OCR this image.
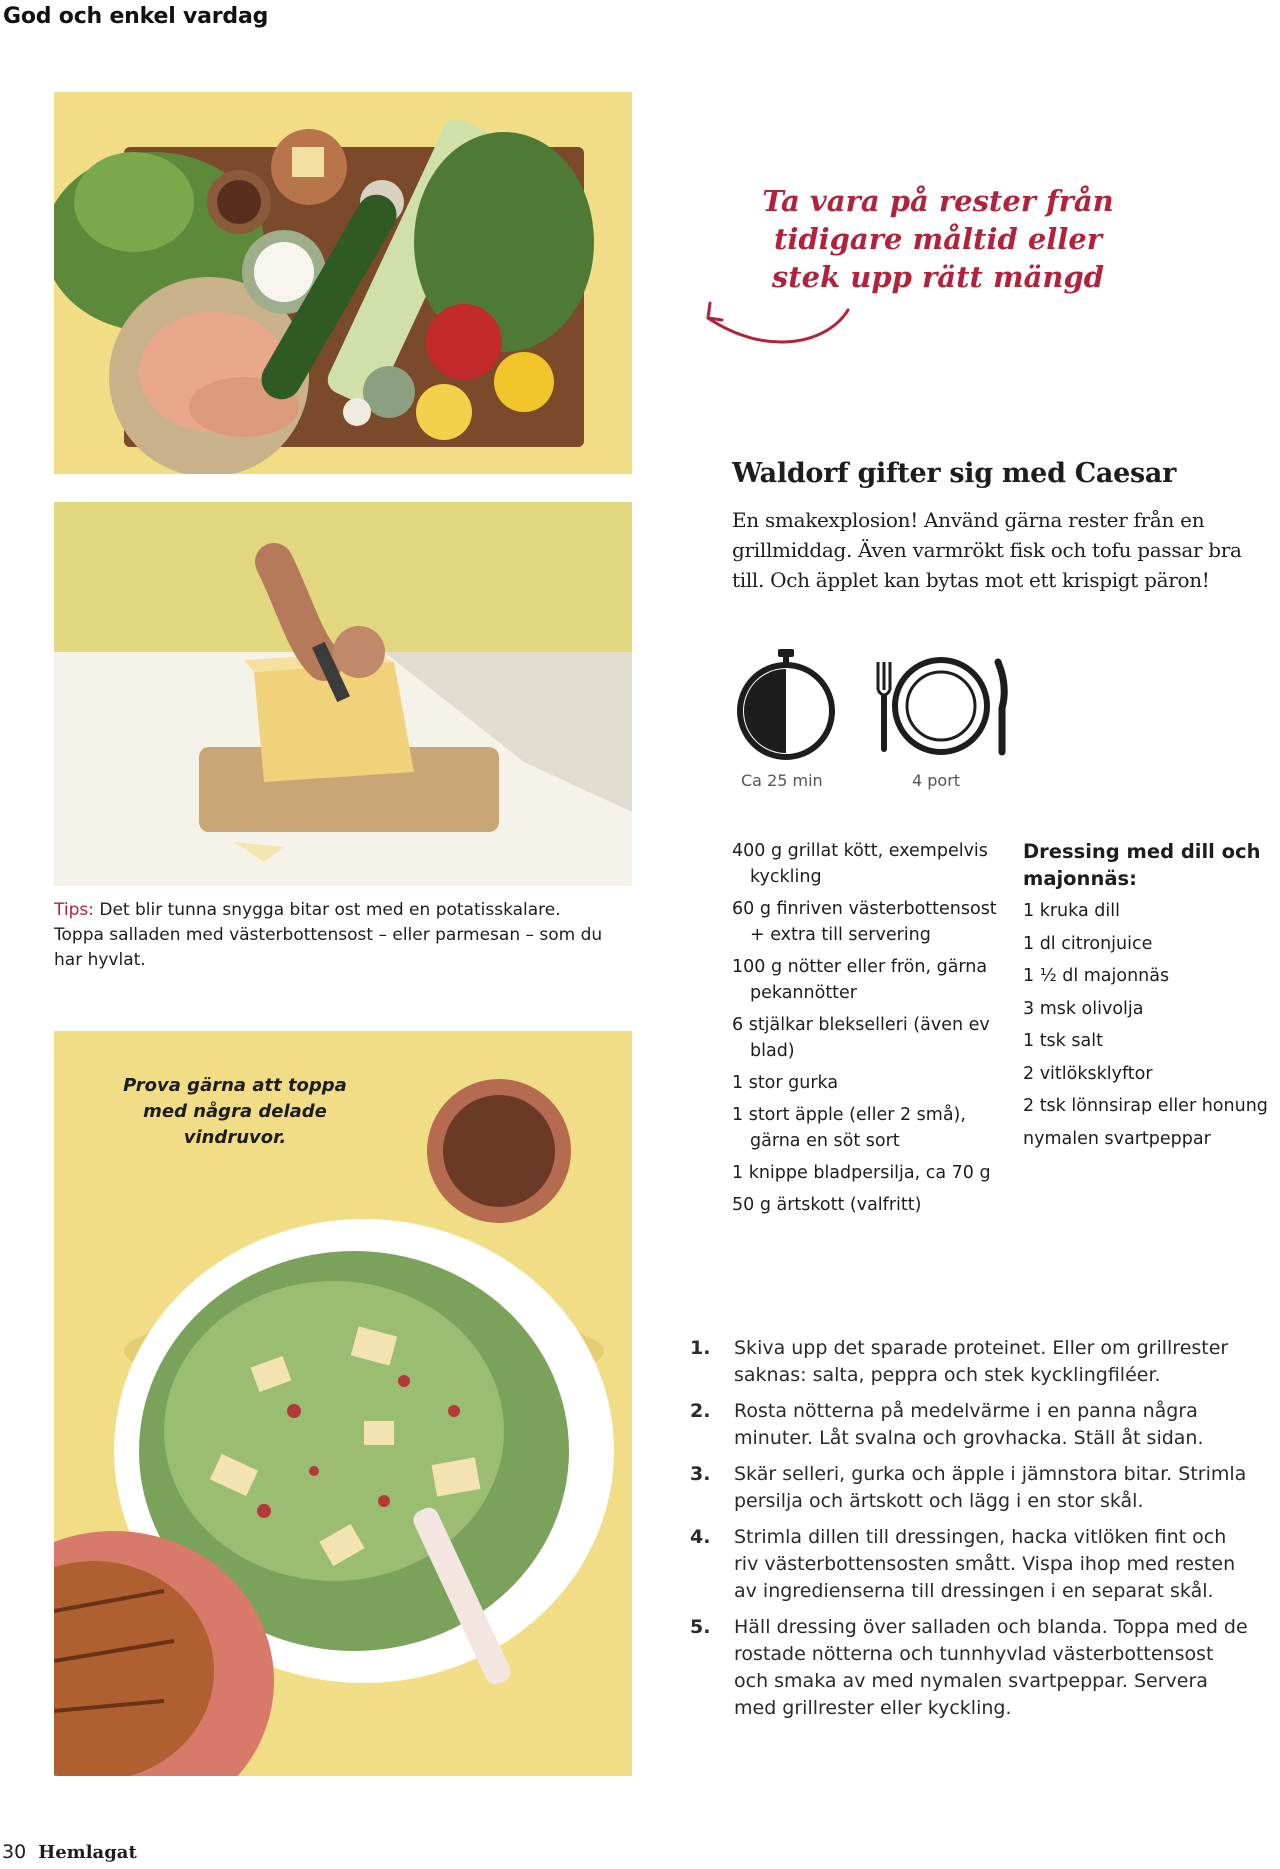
God och enkel vardag
Ta vara på rester från tidigare måltid eller stek upp rätt mängd
Waldorf gifter sig med Caesar
En smakexplosion! Använd gärna rester från en grillmiddag. Även varmrökt fisk och tofu passar bra till. Och äpplet kan bytas mot ett krispigt päron!
Ca 25 min	4 port
Tips: Det blir tunna snygga bitar ost med en potatisskalare. Toppa salladen med västerbottensost – eller parmesan – som du har hyvlat.
Prova gärna att toppa med några delade vindruvor.
400 g grillat kött, exempelvis kyckling
60 g finriven västerbottensost + extra till servering
100 g nötter eller frön, gärna pekannötter
6 stjälkar blekselleri (även ev blad)
1 stor gurka
1 stort äpple (eller 2 små), gärna en söt sort
1 knippe bladpersilja, ca 70 g
50 g ärtskott (valfritt)
Dressing med dill och majonnäs:
1 kruka dill
1 dl citronjuice
1 ½ dl majonnäs
3 msk olivolja
1 tsk salt
2 vitlöksklyftor
2 tsk lönnsirap eller honung
nymalen svartpeppar
1. Skiva upp det sparade proteinet. Eller om grillrester saknas: salta, peppra och stek kycklingfiléer.
2. Rosta nötterna på medelvärme i en panna några minuter. Låt svalna och grovhacka. Ställ åt sidan.
3. Skär selleri, gurka och äpple i jämnstora bitar. Strimla persilja och ärtskott och lägg i en stor skål.
4. Strimla dillen till dressingen, hacka vitlöken fint och riv västerbottensosten smått. Vispa ihop med resten av ingredienserna till dressingen i en separat skål.
5. Häll dressing över salladen och blanda. Toppa med de rostade nötterna och tunnhyvlad västerbottensost och smaka av med nymalen svartpeppar. Servera med grillrester eller kyckling.
30 Hemlagat
